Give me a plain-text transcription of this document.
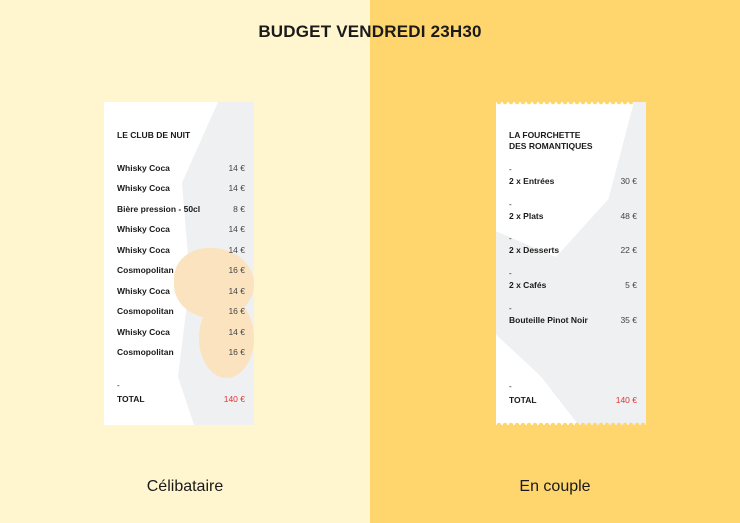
BUDGET VENDREDI 23H30
LE CLUB DE NUIT
Whisky Coca	14 €
Whisky Coca	14 €
Bière pression - 50cl	8 €
Whisky Coca	14 €
Whisky Coca	14 €
Cosmopolitan	16 €
Whisky Coca	14 €
Cosmopolitan	16 €
Whisky Coca	14 €
Cosmopolitan	16 €
-
TOTAL	140 €
LA FOURCHETTE
DES ROMANTIQUES
-
2 x Entrées	30 €
-
2 x Plats	48 €
-
2 x Desserts	22 €
-
2 x Cafés	5 €
-
Bouteille Pinot Noir	35 €
-
TOTAL	140 €
Célibataire	En couple
